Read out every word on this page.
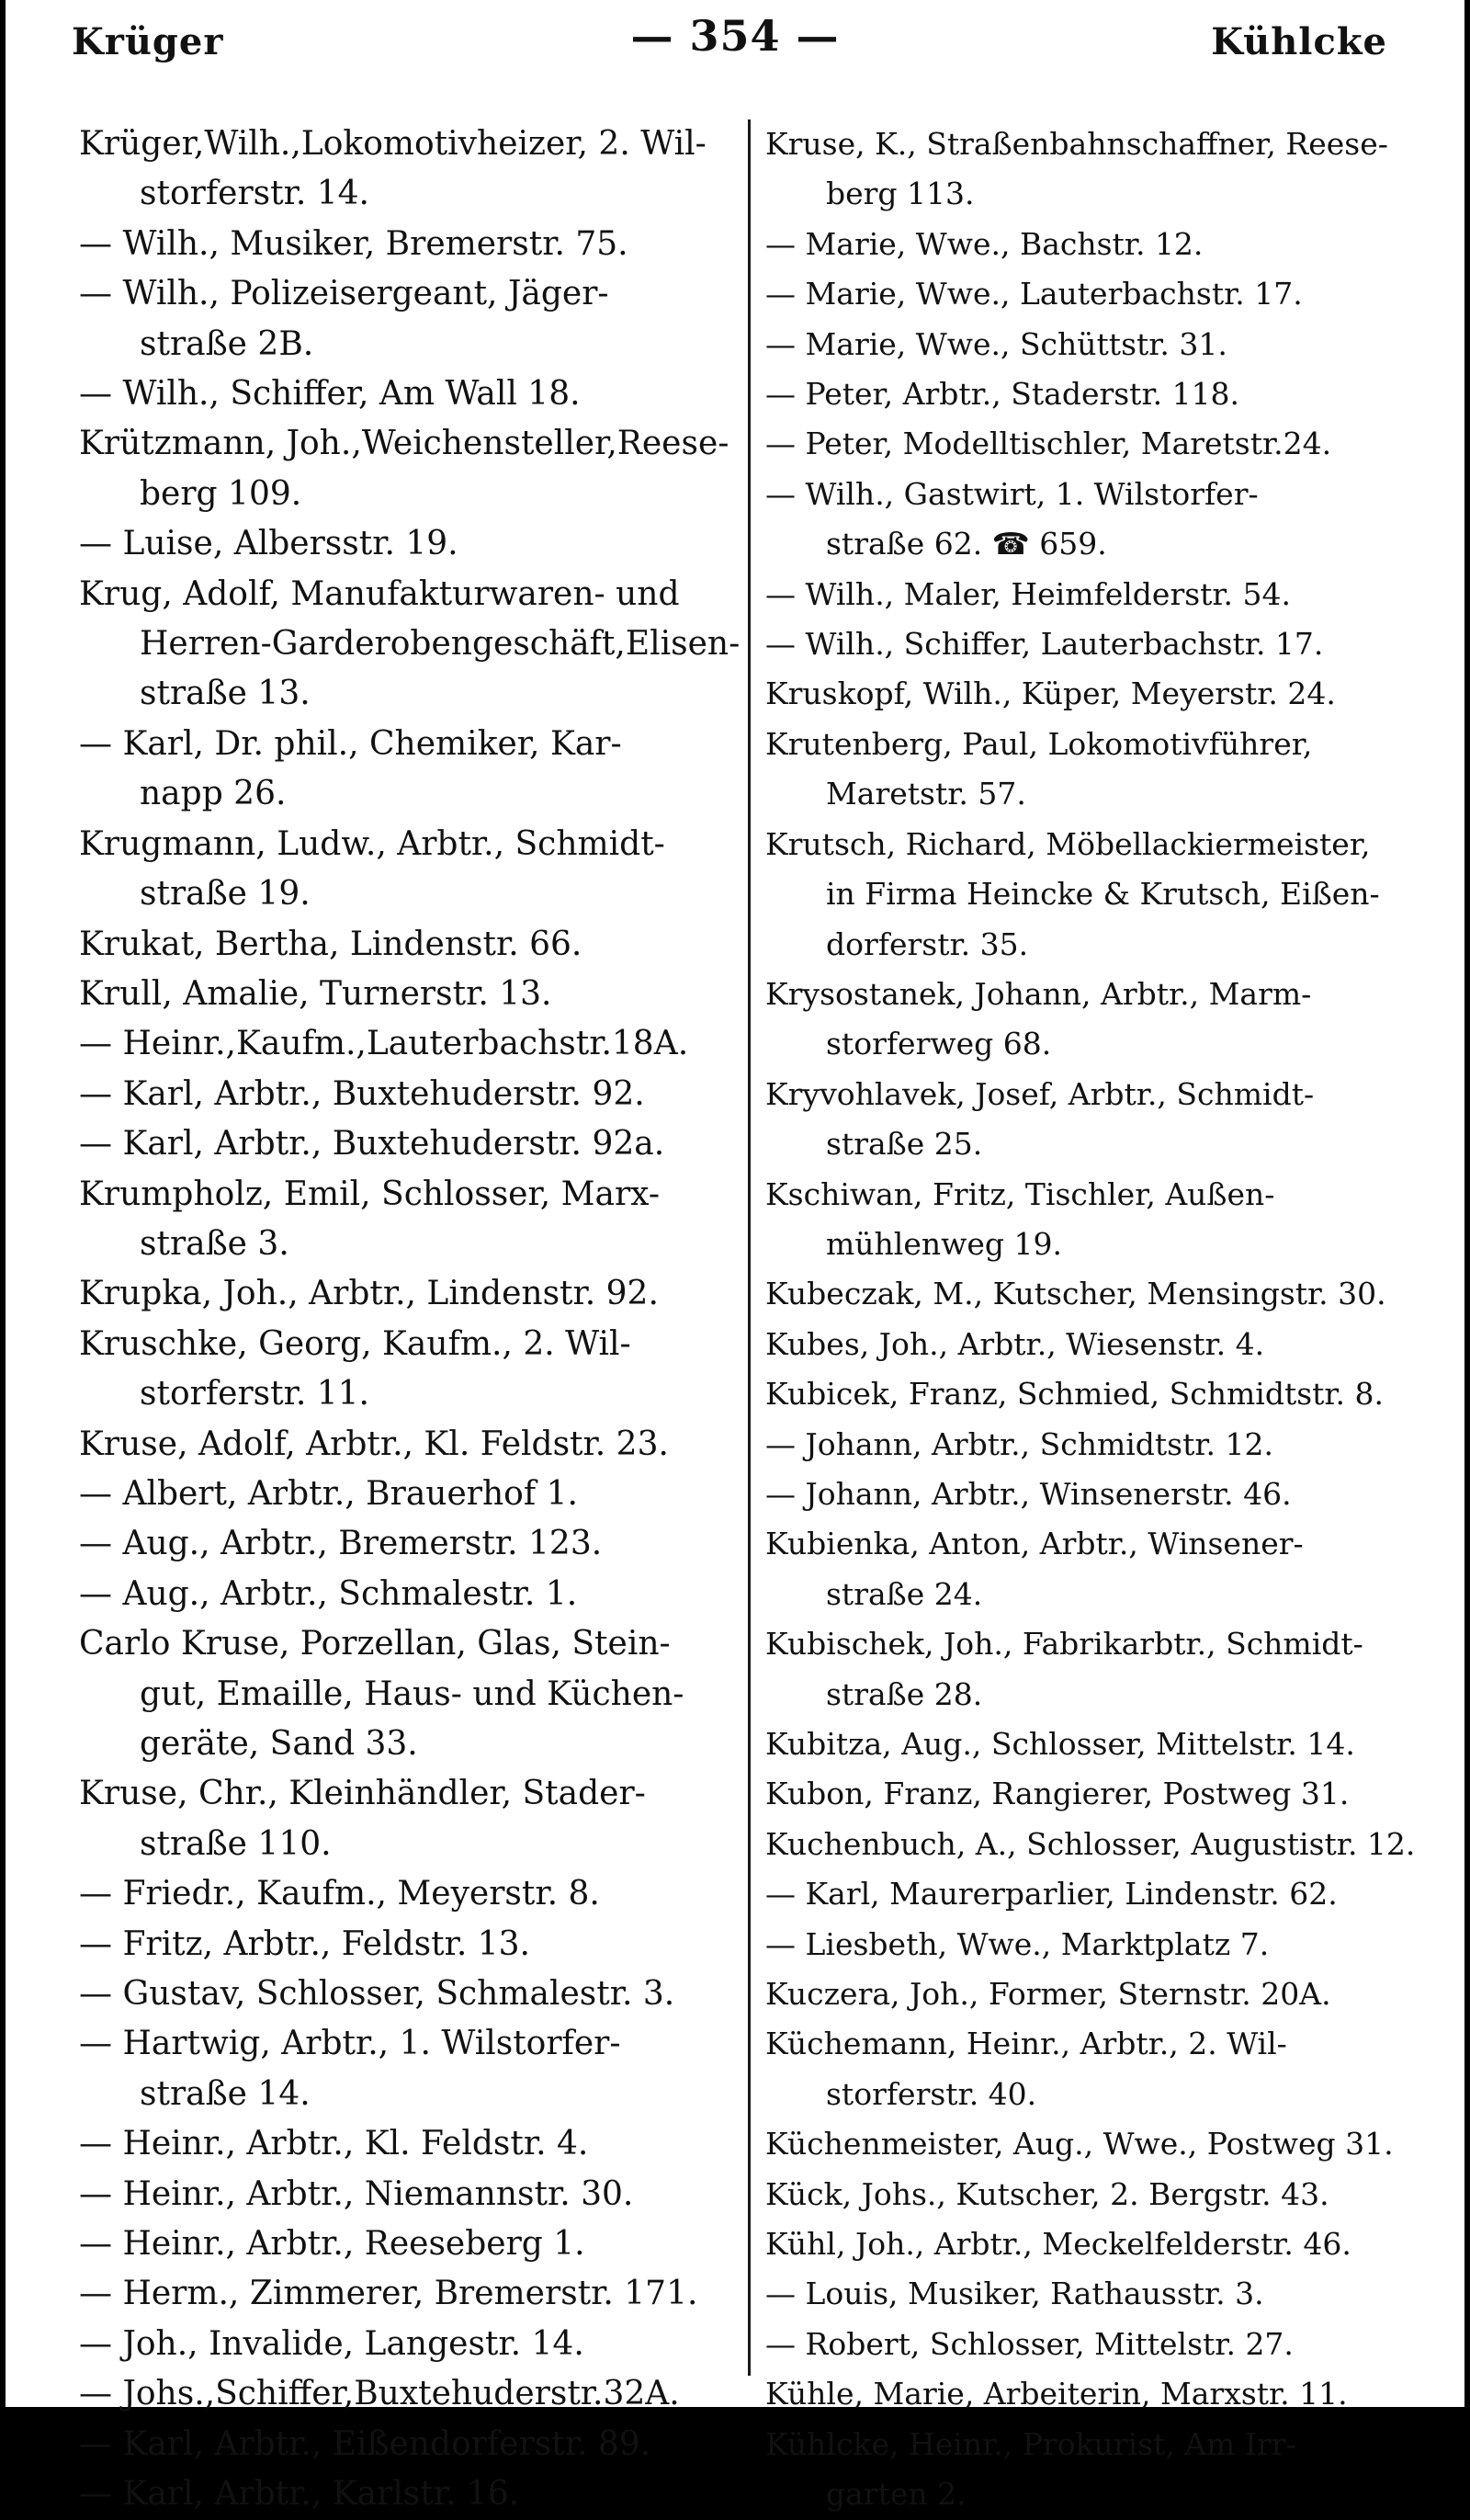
Krüger	— 354 —	Kühlcke
Krüger,Wilh.,Lokomotivheizer, 2. Wil-
storferstr. 14.
— Wilh., Musiker, Bremerstr. 75.
— Wilh., Polizeisergeant, Jäger-
straße 2B.
— Wilh., Schiffer, Am Wall 18.
Krützmann, Joh.,Weichensteller,Reese-
berg 109.
— Luise, Albersstr. 19.
Krug, Adolf, Manufakturwaren- und
Herren-Garderobengeschäft,Elisen-
straße 13.
— Karl, Dr. phil., Chemiker, Kar-
napp 26.
Krugmann, Ludw., Arbtr., Schmidt-
straße 19.
Krukat, Bertha, Lindenstr. 66.
Krull, Amalie, Turnerstr. 13.
— Heinr.,Kaufm.,Lauterbachstr.18A.
— Karl, Arbtr., Buxtehuderstr. 92.
— Karl, Arbtr., Buxtehuderstr. 92a.
Krumpholz, Emil, Schlosser, Marx-
straße 3.
Krupka, Joh., Arbtr., Lindenstr. 92.
Kruschke, Georg, Kaufm., 2. Wil-
storferstr. 11.
Kruse, Adolf, Arbtr., Kl. Feldstr. 23.
— Albert, Arbtr., Brauerhof 1.
— Aug., Arbtr., Bremerstr. 123.
— Aug., Arbtr., Schmalestr. 1.
Carlo Kruse, Porzellan, Glas, Stein-
gut, Emaille, Haus- und Küchen-
geräte, Sand 33.
Kruse, Chr., Kleinhändler, Stader-
straße 110.
— Friedr., Kaufm., Meyerstr. 8.
— Fritz, Arbtr., Feldstr. 13.
— Gustav, Schlosser, Schmalestr. 3.
— Hartwig, Arbtr., 1. Wilstorfer-
straße 14.
— Heinr., Arbtr., Kl. Feldstr. 4.
— Heinr., Arbtr., Niemannstr. 30.
— Heinr., Arbtr., Reeseberg 1.
— Herm., Zimmerer, Bremerstr. 171.
— Joh., Invalide, Langestr. 14.
— Johs.,Schiffer,Buxtehuderstr.32A.
— Karl, Arbtr., Eißendorferstr. 89.
— Karl, Arbtr., Karlstr. 16.
Kruse, K., Straßenbahnschaffner, Reese-
berg 113.
— Marie, Wwe., Bachstr. 12.
— Marie, Wwe., Lauterbachstr. 17.
— Marie, Wwe., Schüttstr. 31.
— Peter, Arbtr., Staderstr. 118.
— Peter, Modelltischler, Maretstr.24.
— Wilh., Gastwirt, 1. Wilstorfer-
straße 62. ☎ 659.
— Wilh., Maler, Heimfelderstr. 54.
— Wilh., Schiffer, Lauterbachstr. 17.
Kruskopf, Wilh., Küper, Meyerstr. 24.
Krutenberg, Paul, Lokomotivführer,
Maretstr. 57.
Krutsch, Richard, Möbellackiermeister,
in Firma Heincke & Krutsch, Eißen-
dorferstr. 35.
Krysostanek, Johann, Arbtr., Marm-
storferweg 68.
Kryvohlavek, Josef, Arbtr., Schmidt-
straße 25.
Kschiwan, Fritz, Tischler, Außen-
mühlenweg 19.
Kubeczak, M., Kutscher, Mensingstr. 30.
Kubes, Joh., Arbtr., Wiesenstr. 4.
Kubicek, Franz, Schmied, Schmidtstr. 8.
— Johann, Arbtr., Schmidtstr. 12.
— Johann, Arbtr., Winsenerstr. 46.
Kubienka, Anton, Arbtr., Winsener-
straße 24.
Kubischek, Joh., Fabrikarbtr., Schmidt-
straße 28.
Kubitza, Aug., Schlosser, Mittelstr. 14.
Kubon, Franz, Rangierer, Postweg 31.
Kuchenbuch, A., Schlosser, Augustistr. 12.
— Karl, Maurerparlier, Lindenstr. 62.
— Liesbeth, Wwe., Marktplatz 7.
Kuczera, Joh., Former, Sternstr. 20A.
Küchemann, Heinr., Arbtr., 2. Wil-
storferstr. 40.
Küchenmeister, Aug., Wwe., Postweg 31.
Kück, Johs., Kutscher, 2. Bergstr. 43.
Kühl, Joh., Arbtr., Meckelfelderstr. 46.
— Louis, Musiker, Rathausstr. 3.
— Robert, Schlosser, Mittelstr. 27.
Kühle, Marie, Arbeiterin, Marxstr. 11.
Kühlcke, Heinr., Prokurist, Am Irr-
garten 2.
